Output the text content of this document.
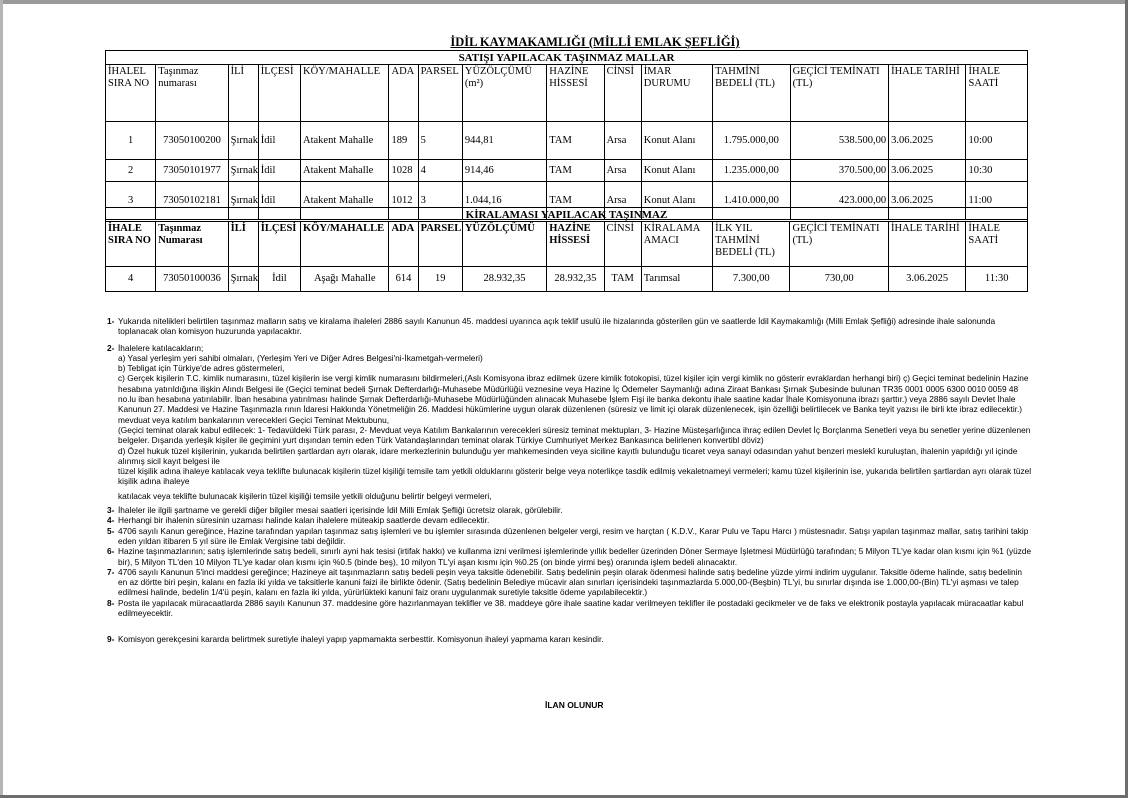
İDİL KAYMAKAMLIĞI (MİLLİ EMLAK ŞEFLİĞİ)
SATIŞI YAPILACAK TAŞINMAZ MALLAR														
İHALEL SIRA NO	Taşınmaz numarası	İLİ	İLÇESİ	KÖY/MAHALLE	ADA	PARSEL	YÜZÖLÇÜMÜ (m²)	HAZİNE HİSSESİ	CİNSİ	İMAR DURUMU	TAHMİNİ BEDELİ (TL)	GEÇİCİ TEMİNATI (TL)	İHALE TARİHİ	İHALE SAATİ
1	73050100200	Şırnak	İdil	Atakent Mahalle	189	5	944,81	TAM	Arsa	Konut Alanı	1.795.000,00	538.500,00	3.06.2025	10:00
2	73050101977	Şırnak	İdil	Atakent Mahalle	1028	4	914,46	TAM	Arsa	Konut Alanı	1.235.000,00	370.500,00	3.06.2025	10:30
3	73050102181	Şırnak	İdil	Atakent Mahalle	1012	3	1.044,16	TAM	Arsa	Konut Alanı	1.410.000,00	423.000,00	3.06.2025	11:00
KİRALAMASI YAPILACAK TAŞINMAZ														
İHALE SIRA NO	Taşınmaz Numarası	İLİ	İLÇESİ	KÖY/MAHALLE	ADA	PARSEL	YÜZÖLÇÜMÜ	HAZİNE HİSSESİ	CİNSİ	KİRALAMA AMACI	İLK YIL TAHMİNİ BEDELİ (TL)	GEÇİCİ TEMİNATI (TL)	İHALE TARİHİ	İHALE SAATİ
4	73050100036	Şırnak	İdil	Aşağı Mahalle	614	19	28.932,35	28.932,35	TAM	Tarımsal	7.300,00	730,00	3.06.2025	11:30
1- Yukarıda nitelikleri belirtilen taşınmaz malların satış ve kiralama ihaleleri 2886 sayılı Kanunun 45. maddesi uyarınca açık teklif usulü ile hizalarında gösterilen gün ve saatlerde İdil Kaymakamlığı (Milli Emlak Şefliği) adresinde ihale salonunda toplanacak olan komisyon huzurunda yapılacaktır.
2- İhalelere katılacakların;
a) Yasal yerleşim yeri sahibi olmaları, (Yerleşim Yeri ve Diğer Adres Belgesi'ni-İkametgah-vermeleri)
b) Tebligat için Türkiye'de adres göstermeleri,
c) Gerçek kişilerin T.C. kimlik numarasını, tüzel kişilerin ise vergi kimlik numarasını bildirmeleri,(Aslı Komisyona ibraz edilmek üzere kimlik fotokopisi, tüzel kişiler için vergi kimlik no gösterir evraklardan herhangi biri) ç) Geçici teminat bedelinin Hazine hesabına yatırıldığına ilişkin Alındı Belgesi ile (Geçici teminat bedeli Şırnak Defterdarlığı-Muhasebe Müdürlüğü veznesine veya Hazine İç Ödemeler Saymanlığı adına Ziraat Bankası Şırnak Şubesinde bulunan TR35 0001 0005 6300 0010 0059 48 no.lu iban hesabına yatırılabilir. İban hesabına yatırılması halinde Şırnak Defterdarlığı-Muhasebe Müdürlüğünden alınacak Muhasebe İşlem Fişi ile banka dekontu ihale saatine kadar İhale Komisyonuna ibrazı şarttır.) veya 2886 sayılı Devlet İhale Kanunun 27. Maddesi ve Hazine Taşınmazla rının İdaresi Hakkında Yönetmeliğin 26. Maddesi hükümlerine uygun olarak düzenlenen (süresiz ve limit içi olarak düzenlenecek, işin özelliği belirtilecek ve Banka teyit yazısı ile birli kte ibraz edilecektir.) mevduat veya katılım bankalarının verecekleri Geçici Teminat Mektubunu,
(Geçici teminat olarak kabul edilecek: 1- Tedavüldeki Türk parası, 2- Mevduat veya Katılım Bankalarının verecekleri süresiz teminat mektupları, 3- Hazine Müsteşarlığınca ihraç edilen Devlet İç Borçlanma Senetleri veya bu senetler yerine düzenlenen belgeler. Dışarıda yerleşik kişiler ile geçimini yurt dışından temin eden Türk Vatandaşlarından teminat olarak Türkiye Cumhuriyet Merkez Bankasınca belirlenen konvertibl döviz)
d) Özel hukuk tüzel kişilerinin, yukarıda belirtilen şartlardan ayrı olarak, idare merkezlerinin bulunduğu yer mahkemesinden veya siciline kayıtlı bulunduğu ticaret veya sanayi odasından yahut benzeri meslekî kuruluştan, ihalenin yapıldığı yıl içinde alınmış sicil kayıt belgesi ile
tüzel kişilik adına ihaleye katılacak veya teklifte bulunacak kişilerin tüzel kişiliği temsile tam yetkili olduklarını gösterir belge veya noterlikçe tasdik edilmiş vekaletnameyi vermeleri; kamu tüzel kişilerinin ise, yukarıda belirtilen şartlardan ayrı olarak tüzel kişilik adına ihaleye
katılacak veya teklifte bulunacak kişilerin tüzel kişiliği temsile yetkili olduğunu belirtir belgeyi vermeleri,
3- İhaleler ile ilgili şartname ve gerekli diğer bilgiler mesai saatleri içerisinde İdil Milli Emlak Şefliği ücretsiz olarak, görülebilir.
4- Herhangi bir ihalenin süresinin uzaması halinde kalan ihalelere müteakip saatlerde devam edilecektir.
5- 4706 sayılı Kanun gereğince, Hazine tarafından yapılan taşınmaz satış işlemleri ve bu işlemler sırasında düzenlenen belgeler vergi, resim ve harçtan ( K.D.V., Karar Pulu ve Tapu Harcı ) müstesnadır. Satışı yapılan taşınmaz mallar, satış tarihini takip eden yıldan itibaren 5 yıl süre ile Emlak Vergisine tabi değildir.
6- Hazine taşınmazlarının; satış işlemlerinde satış bedeli, sınırlı ayni hak tesisi (irtifak hakkı) ve kullanma izni verilmesi işlemlerinde yıllık bedeller üzerinden Döner Sermaye İşletmesi Müdürlüğü tarafından; 5 Milyon TL'ye kadar olan kısmı için %1 (yüzde bir), 5 Milyon TL'den 10 Milyon TL'ye kadar olan kısmı için %0.5 (binde beş), 10 milyon TL'yi aşan kısmı için %0.25 (on binde yirmi beş) oranında işlem bedeli alınacaktır.
7- 4706 sayılı Kanunun 5'inci maddesi gereğince; Hazineye ait taşınmazların satış bedeli peşin veya taksitle ödenebilir. Satış bedelinin peşin olarak ödenmesi halinde satış bedeline yüzde yirmi indirim uygulanır. Taksitle ödeme halinde, satış bedelinin en az dörtte biri peşin, kalanı en fazla iki yılda ve taksitlerle kanuni faizi ile birlikte ödenir. (Satış bedelinin Belediye mücavir alan sınırları içerisindeki taşınmazlarda 5.000,00-(Beşbin) TL'yi, bu sınırlar dışında ise 1.000,00-(Bin) TL'yi aşması ve talep edilmesi halinde, bedelin 1/4'ü peşin, kalanı en fazla iki yılda, yürürlükteki kanuni faiz oranı uygulanmak suretiyle taksitle ödeme yapılabilecektir.)
8- Posta ile yapılacak müracaatlarda 2886 sayılı Kanunun 37. maddesine göre hazırlanmayan teklifler ve 38. maddeye göre ihale saatine kadar verilmeyen teklifler ile postadaki gecikmeler ve de faks ve elektronik postayla yapılacak müracaatlar kabul edilmeyecektir.
9- Komisyon gerekçesini kararda belirtmek suretiyle ihaleyi yapıp yapmamakta serbesttir. Komisyonun ihaleyi yapmama kararı kesindir.
İLAN OLUNUR
